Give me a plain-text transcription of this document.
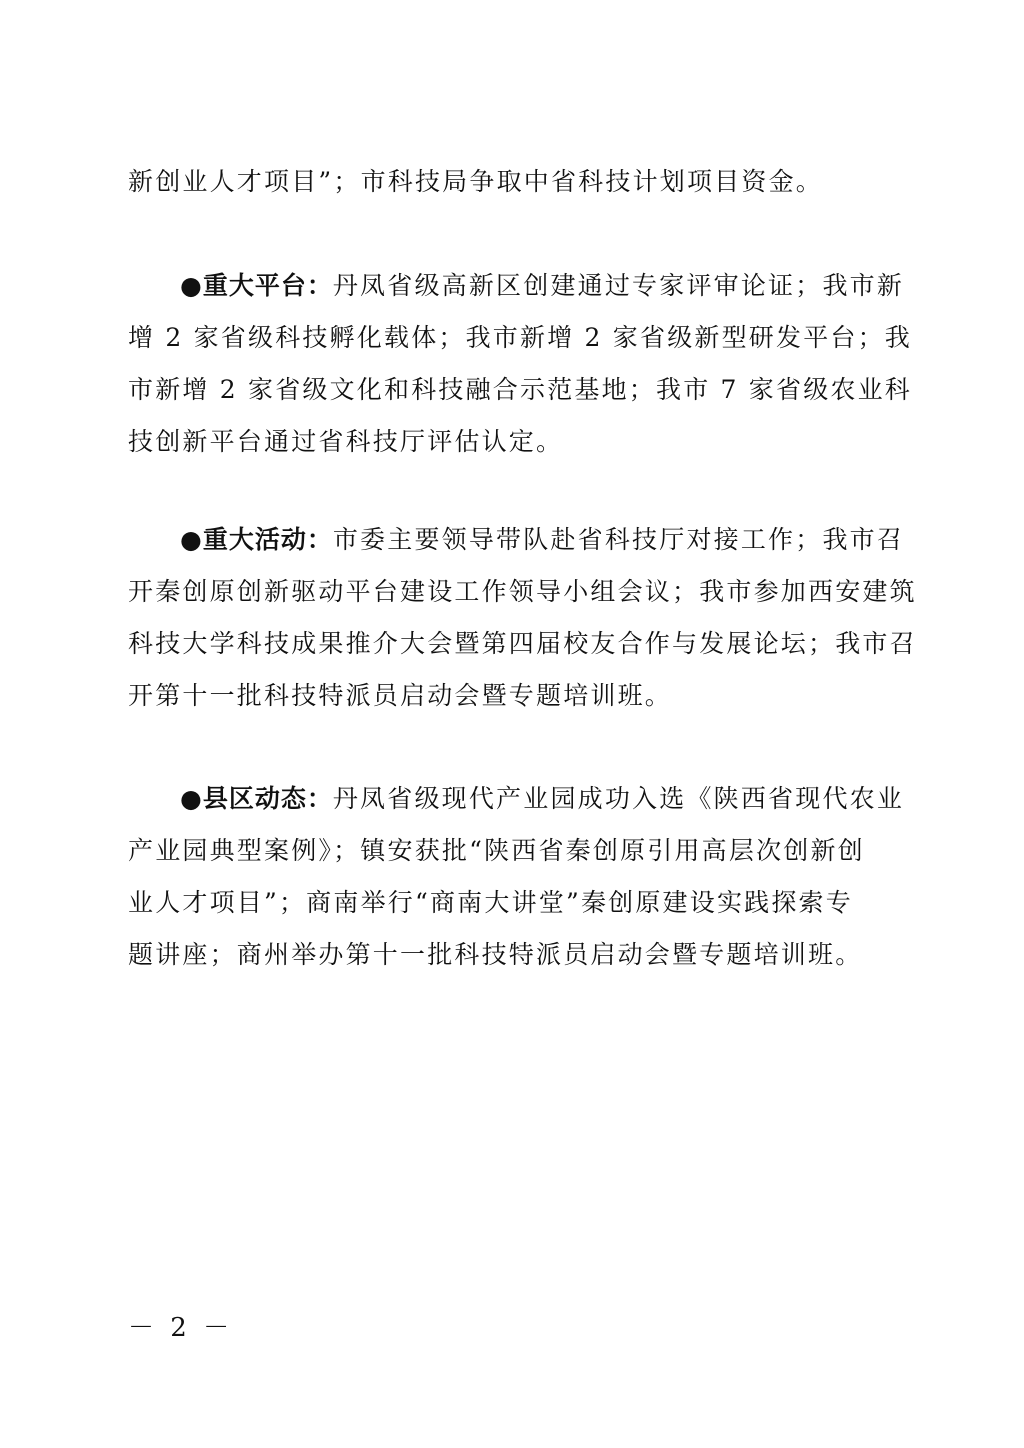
新创业人才项目”；市科技局争取中省科技计划项目资金。

●重大平台：丹凤省级高新区创建通过专家评审论证；我市新
增 2 家省级科技孵化载体；我市新增 2 家省级新型研发平台；我
市新增 2 家省级文化和科技融合示范基地；我市 7 家省级农业科
技创新平台通过省科技厅评估认定。

●重大活动：市委主要领导带队赴省科技厅对接工作；我市召
开秦创原创新驱动平台建设工作领导小组会议；我市参加西安建筑
科技大学科技成果推介大会暨第四届校友合作与发展论坛；我市召
开第十一批科技特派员启动会暨专题培训班。

●县区动态：丹凤省级现代产业园成功入选《陕西省现代农业
产业园典型案例》；镇安获批“陕西省秦创原引用高层次创新创
业人才项目”；商南举行“商南大讲堂”秦创原建设实践探索专
题讲座；商州举办第十一批科技特派员启动会暨专题培训班。

－ 2 －
